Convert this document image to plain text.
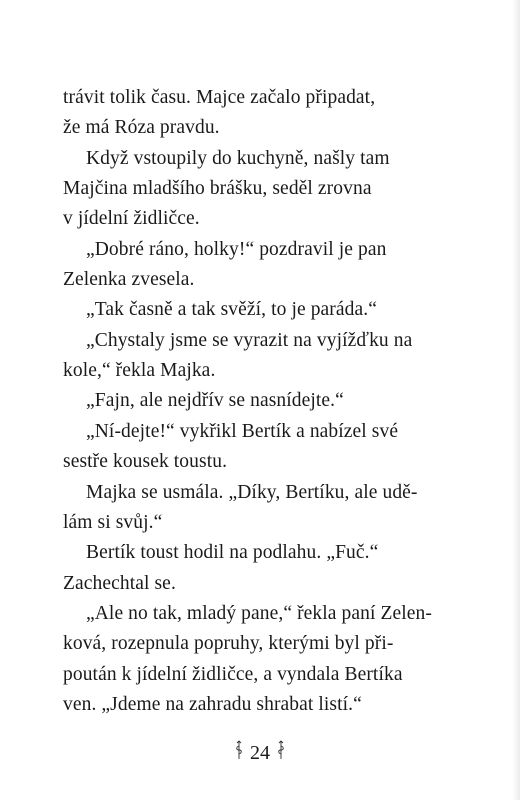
trávit tolik času. Majce začalo připadat,
že má Róza pravdu.
Když vstoupily do kuchyně, našly tam
Majčina mladšího brášku, seděl zrovna
v jídelní židličce.
„Dobré ráno, holky!“ pozdravil je pan
Zelenka zvesela.
„Tak časně a tak svěží, to je paráda.“
„Chystaly jsme se vyrazit na vyjížďku na
kole,“ řekla Majka.
„Fajn, ale nejdřív se nasnídejte.“
„Ní-dejte!“ vykřikl Bertík a nabízel své
sestře kousek toustu.
Majka se usmála. „Díky, Bertíku, ale udě-
lám si svůj.“
Bertík toust hodil na podlahu. „Fuč.“
Zachechtal se.
„Ale no tak, mladý pane,“ řekla paní Zelen-
ková, rozepnula popruhy, kterými byl při-
poután k jídelní židličce, a vyndala Bertíka
ven. „Jdeme na zahradu shrabat listí.“
24
